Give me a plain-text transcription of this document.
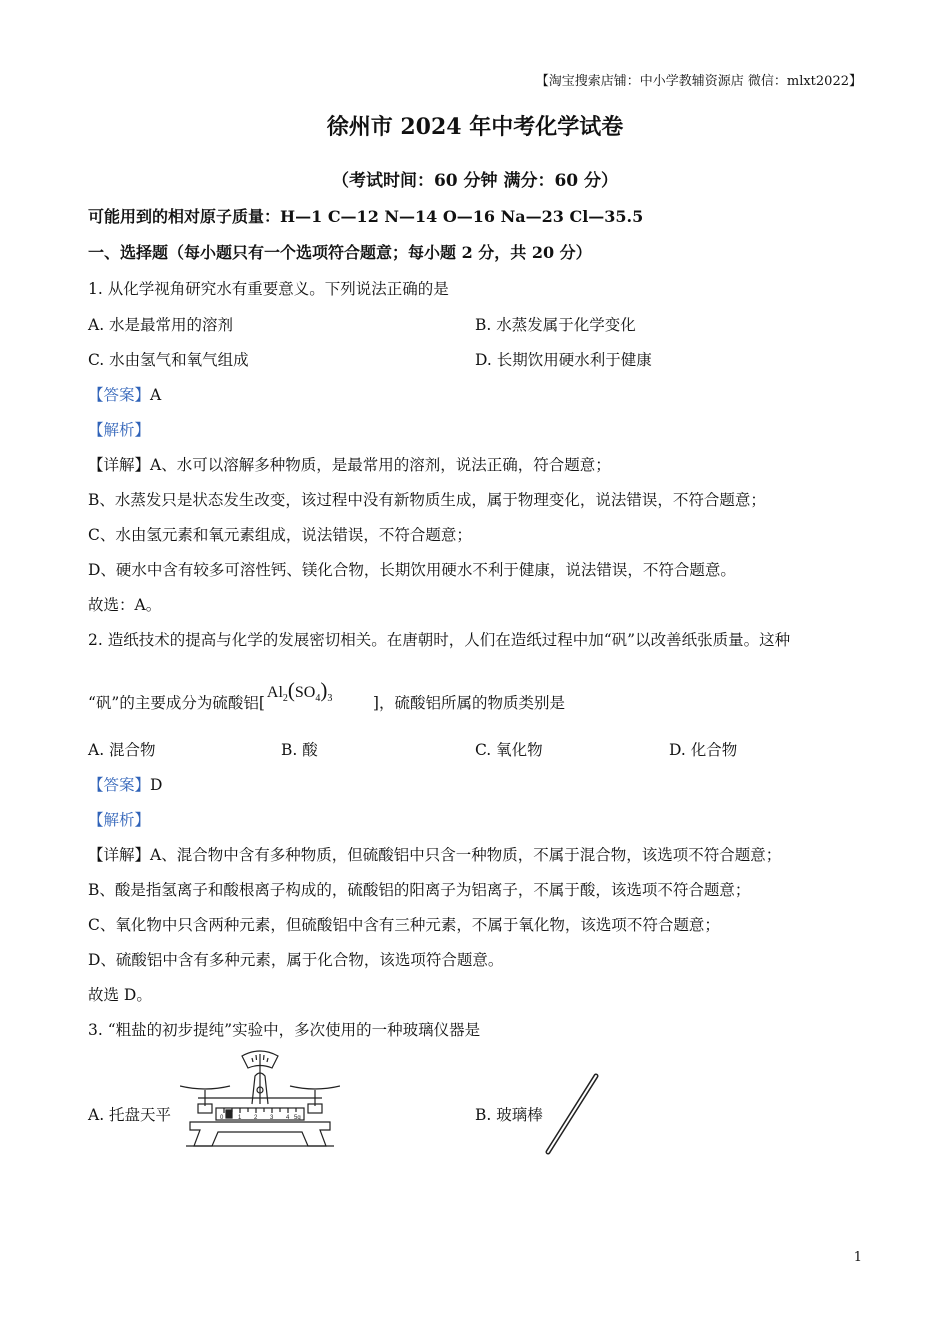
【淘宝搜索店铺：中小学教辅资源店 微信：mlxt2022】
徐州市 2024 年中考化学试卷
（考试时间：60 分钟 满分：60 分）
可能用到的相对原子质量：H—1 C—12 N—14 O—16 Na—23 Cl—35.5
一、选择题（每小题只有一个选项符合题意；每小题 2 分，共 20 分）
1. 从化学视角研究水有重要意义。下列说法正确的是
A. 水是最常用的溶剂	B. 水蒸发属于化学变化
C. 水由氢气和氧气组成	D. 长期饮用硬水利于健康
【答案】A
【解析】
【详解】A、水可以溶解多种物质，是最常用的溶剂，说法正确，符合题意；
B、水蒸发只是状态发生改变，该过程中没有新物质生成，属于物理变化，说法错误，不符合题意；
C、水由氢元素和氧元素组成，说法错误，不符合题意；
D、硬水中含有较多可溶性钙、镁化合物，长期饮用硬水不利于健康，说法错误，不符合题意。
故选：A。
2. 造纸技术的提高与化学的发展密切相关。在唐朝时，人们在造纸过程中加“矾”以改善纸张质量。这种
“矾”的主要成分为硫酸铝[
$Al_2(SO_4)_3$	]，硫酸铝所属的物质类别是
A. 混合物	B. 酸	C. 氧化物	D. 化合物
【答案】D
【解析】
【详解】A、混合物中含有多种物质，但硫酸铝中只含一种物质，不属于混合物，该选项不符合题意；
B、酸是指氢离子和酸根离子构成的，硫酸铝的阳离子为铝离子，不属于酸，该选项不符合题意；
C、氧化物中只含两种元素，但硫酸铝中含有三种元素，不属于氧化物，该选项不符合题意；
D、硫酸铝中含有多种元素，属于化合物，该选项符合题意。
故选 D。
3. “粗盐的初步提纯”实验中，多次使用的一种玻璃仪器是
A. 托盘天平	B. 玻璃棒
0 1 2 3 4 5g
1
